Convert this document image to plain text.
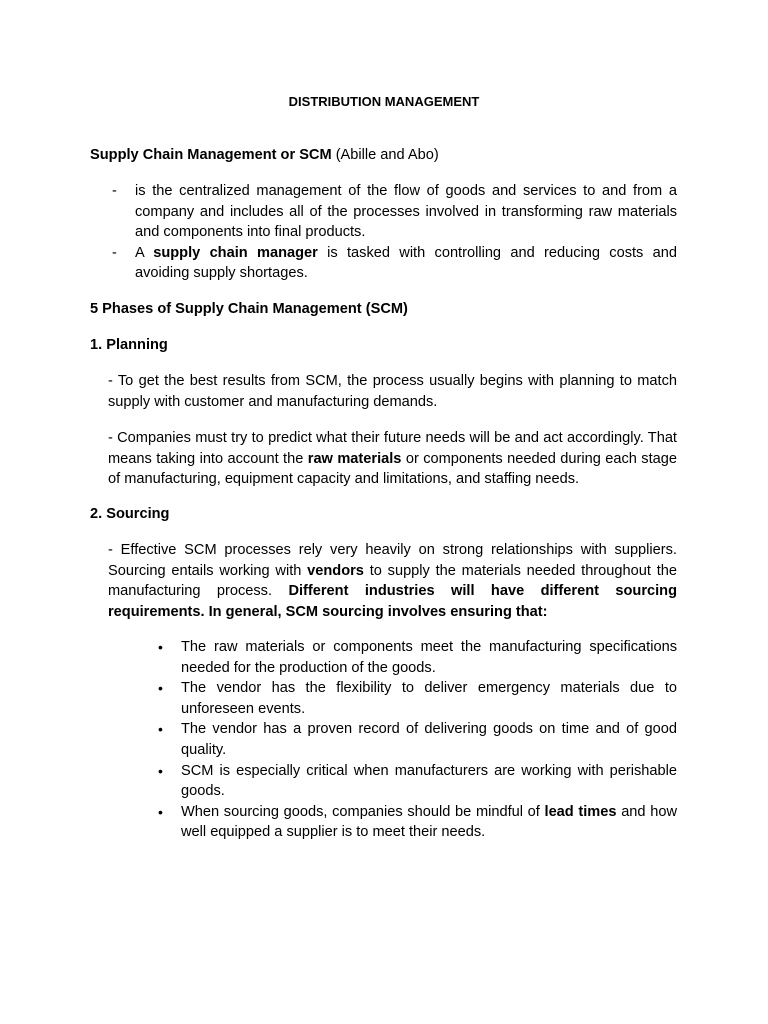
DISTRIBUTION MANAGEMENT
Supply Chain Management or SCM (Abille and Abo)
- is the centralized management of the flow of goods and services to and from a company and includes all of the processes involved in transforming raw materials and components into final products.
- A supply chain manager is tasked with controlling and reducing costs and avoiding supply shortages.
5 Phases of Supply Chain Management (SCM)
1. Planning
- To get the best results from SCM, the process usually begins with planning to match supply with customer and manufacturing demands.
- Companies must try to predict what their future needs will be and act accordingly. That means taking into account the raw materials or components needed during each stage of manufacturing, equipment capacity and limitations, and staffing needs.
2. Sourcing
- Effective SCM processes rely very heavily on strong relationships with suppliers. Sourcing entails working with vendors to supply the materials needed throughout the manufacturing process. Different industries will have different sourcing requirements. In general, SCM sourcing involves ensuring that:
• The raw materials or components meet the manufacturing specifications needed for the production of the goods.
• The vendor has the flexibility to deliver emergency materials due to unforeseen events.
• The vendor has a proven record of delivering goods on time and of good quality.
• SCM is especially critical when manufacturers are working with perishable goods.
• When sourcing goods, companies should be mindful of lead times and how well equipped a supplier is to meet their needs.
